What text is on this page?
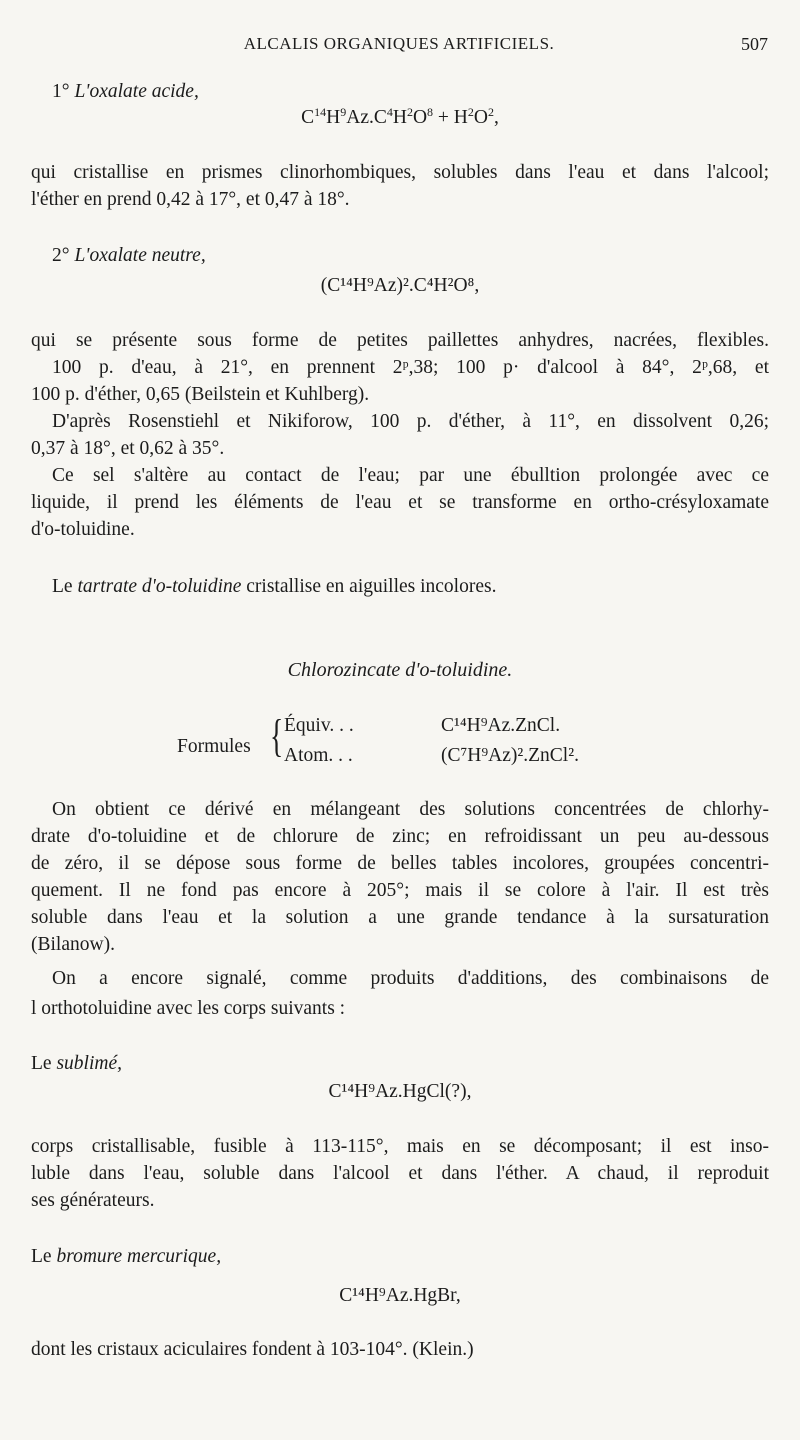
ALCALIS ORGANIQUES ARTIFICIELS.	507
1° L'oxalate acide,
$C^{14}H^9Az.C^4H^2O^8 + H^2O^2$,
qui cristallise en prismes clinorhombiques, solubles dans l'eau et dans l'alcool;
l'éther en prend 0,42 à 17°, et 0,47 à 18°.
2° L'oxalate neutre,
(C¹⁴H⁹Az)².C⁴H²O⁸,
qui se présente sous forme de petites paillettes anhydres, nacrées, flexibles.
100 p. d'eau, à 21°, en prennent 2ᵖ,38; 100 p· d'alcool à 84°, 2ᵖ,68, et
100 p. d'éther, 0,65 (Beilstein et Kuhlberg).
D'après Rosenstiehl et Nikiforow, 100 p. d'éther, à 11°, en dissolvent 0,26;
0,37 à 18°, et 0,62 à 35°.
Ce sel s'altère au contact de l'eau; par une ébulltion prolongée avec ce
liquide, il prend les éléments de l'eau et se transforme en ortho-crésyloxamate
d'o-toluidine.
Le tartrate d'o-toluidine cristallise en aiguilles incolores.
Chlorozincate d'o-toluidine.
Formules { Équiv. . .	C¹⁴H⁹Az.ZnCl.
Atom. . .	(C⁷H⁹Az)².ZnCl².
On obtient ce dérivé en mélangeant des solutions concentrées de chlorhy-
drate d'o-toluidine et de chlorure de zinc; en refroidissant un peu au-dessous
de zéro, il se dépose sous forme de belles tables incolores, groupées concentri-
quement. Il ne fond pas encore à 205°; mais il se colore à l'air. Il est très
soluble dans l'eau et la solution a une grande tendance à la sursaturation
(Bilanow).
On a encore signalé, comme produits d'additions, des combinaisons de
l orthotoluidine avec les corps suivants :
Le sublimé,
C¹⁴H⁹Az.HgCl(?),
corps cristallisable, fusible à 113-115°, mais en se décomposant; il est inso-
luble dans l'eau, soluble dans l'alcool et dans l'éther. A chaud, il reproduit
ses générateurs.
Le bromure mercurique,
C¹⁴H⁹Az.HgBr,
dont les cristaux aciculaires fondent à 103-104°. (Klein.)
